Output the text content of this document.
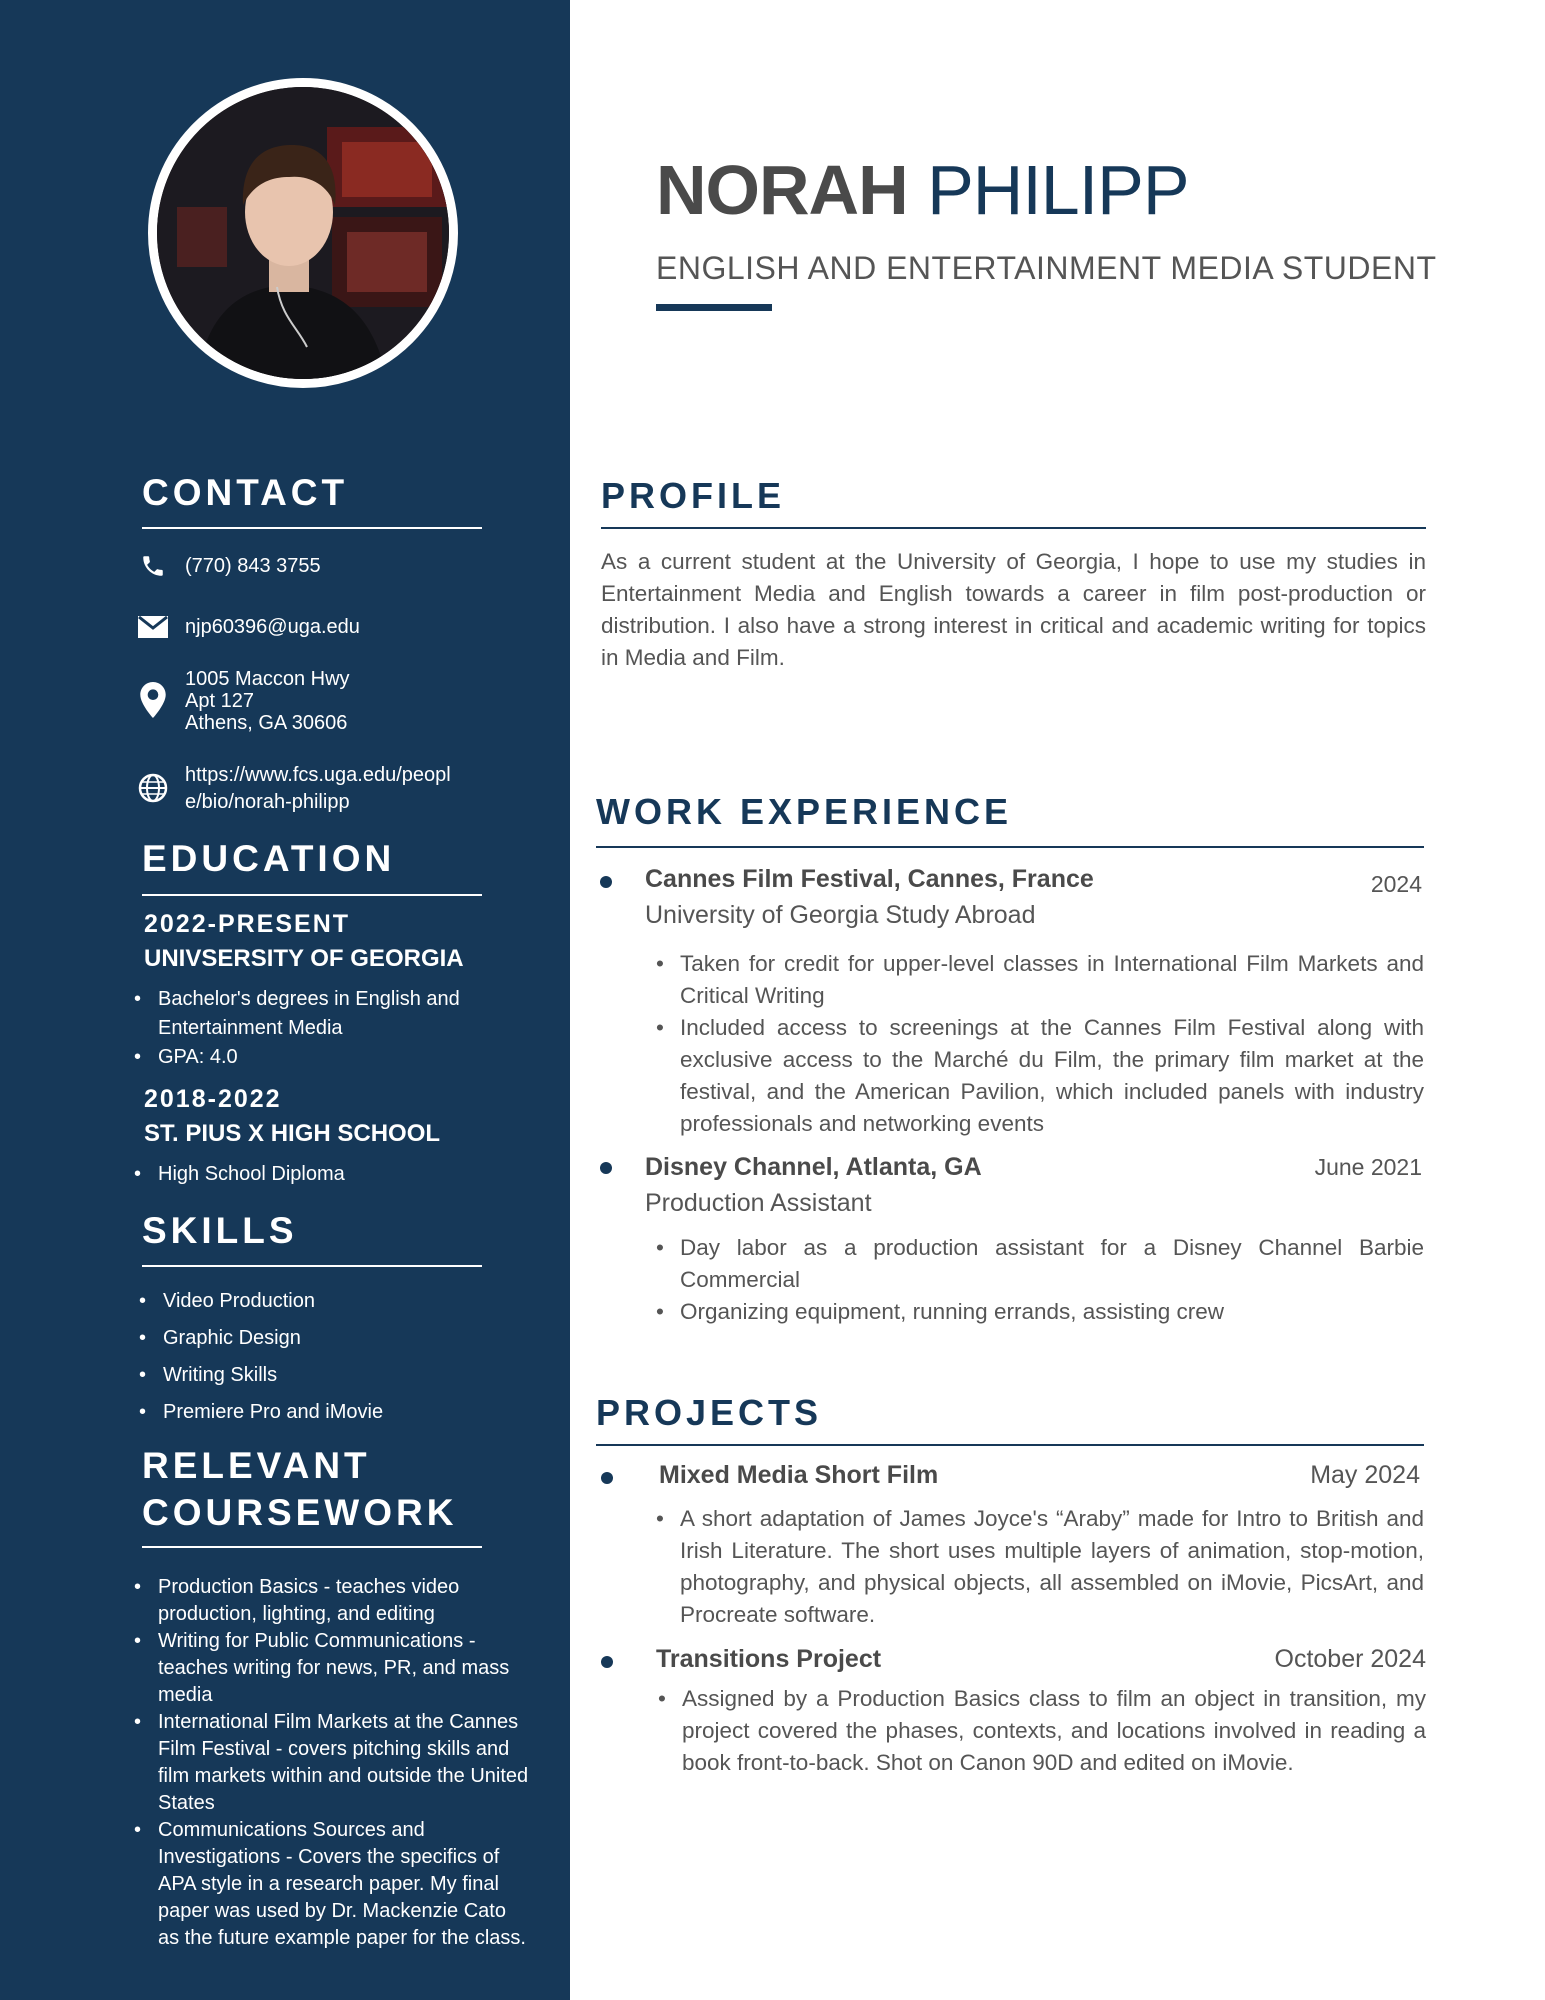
CONTACT
(770) 843 3755
njp60396@uga.edu
1005 Maccon Hwy
Apt 127
Athens, GA 30606
https://www.fcs.uga.edu/peopl
e/bio/norah-philipp
EDUCATION
2022-PRESENT
UNIVSERSITY OF GEORGIA
• Bachelor's degrees in English and Entertainment Media
• GPA: 4.0
2018-2022
ST. PIUS X HIGH SCHOOL
• High School Diploma
SKILLS
• Video Production
• Graphic Design
• Writing Skills
• Premiere Pro and iMovie
RELEVANT
COURSEWORK
• Production Basics - teaches video production, lighting, and editing
• Writing for Public Communications - teaches writing for news, PR, and mass media
• International Film Markets at the Cannes Film Festival - covers pitching skills and film markets within and outside the United States
• Communications Sources and Investigations - Covers the specifics of APA style in a research paper. My final paper was used by Dr. Mackenzie Cato as the future example paper for the class.
NORAH PHILIPP
ENGLISH AND ENTERTAINMENT MEDIA STUDENT
PROFILE
As a current student at the University of Georgia, I hope to use my studies in Entertainment Media and English towards a career in film post-production or distribution. I also have a strong interest in critical and academic writing for topics in Media and Film.
WORK EXPERIENCE
Cannes Film Festival, Cannes, France	2024
University of Georgia Study Abroad
• Taken for credit for upper-level classes in International Film Markets and Critical Writing
• Included access to screenings at the Cannes Film Festival along with exclusive access to the Marché du Film, the primary film market at the festival, and the American Pavilion, which included panels with industry professionals and networking events
Disney Channel, Atlanta, GA	June 2021
Production Assistant
• Day labor as a production assistant for a Disney Channel Barbie Commercial
• Organizing equipment, running errands, assisting crew
PROJECTS
Mixed Media Short Film	May 2024
• A short adaptation of James Joyce's “Araby” made for Intro to British and Irish Literature. The short uses multiple layers of animation, stop-motion, photography, and physical objects, all assembled on iMovie, PicsArt, and Procreate software.
Transitions Project	October 2024
• Assigned by a Production Basics class to film an object in transition, my project covered the phases, contexts, and locations involved in reading a book front-to-back. Shot on Canon 90D and edited on iMovie.
